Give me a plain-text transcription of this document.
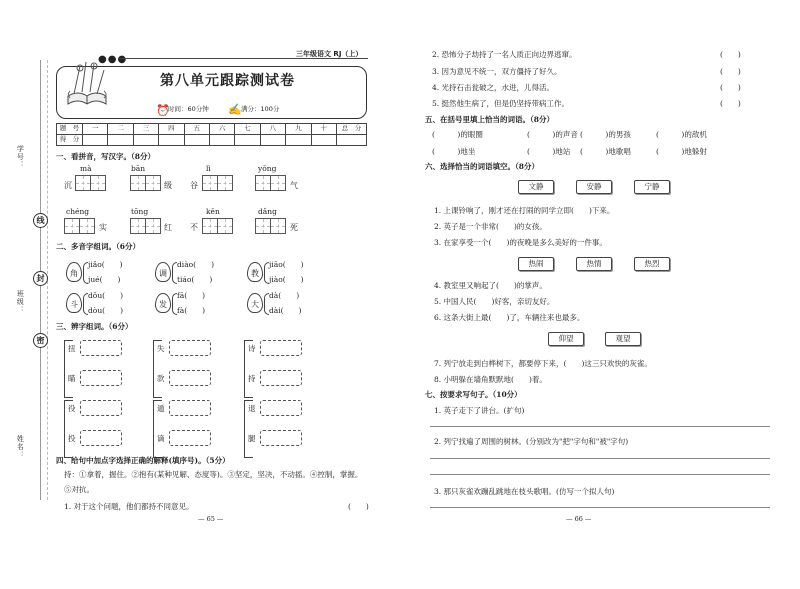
学号：
班级：
姓名：
线
封
密
●●●	三年级语文 RJ（上）
第八单元跟踪测试卷
⏰
时间：60分钟 ✍ 满分：100分
题　号	一	二	三	四	五	六	七	八	九	十	总　分
得　分											
一、看拼音，写汉字。（8分）
mà	bān	lì	yǒng
沉	级 谷	气
chéng	tōng	kěn	dǎng
实	红 不	死
二、多音字组词。（6分）
角
jiǎo(　　)
jué(　　)
调
diào(　　)
tiáo(　　)
教
jiāo(　　)
jiào(　　)
斗
dǒu(　　)
dòu(　　)
发
fā(　　)
fà(　　)
大
dà(　　)
dài(　　)
三、辨字组词。（6分）
扭
瞄
失
款
诗
持
役
投
遁
谪
退
腿
四、给句中加点字选择正确的解释(填序号)。（5分）
持：①拿着，握住。②抱有(某种见解、态度等)。③坚定，坚决，不动摇。④控制，掌握。
⑤对抗。
1. 对于这个问题，他们都持不同意见。	(　　)
— 65 —
2. 恐怖分子劫持了一名人质正向边界逃窜。	(　　)
3. 因为意见不统一，双方僵持了好久。	(　　)
4. 光持石击瓮破之，水进，儿得活。	(　　)
5. 挺然他生病了，但是仍坚持带病工作。	(　　)
五、在括号里填上恰当的词语。（8分）
(　　　)的眼圈	(　　　)的声音 (　　　)的男孩	(　　　)的敌机
(　　　)地坐	(　　　)地站 (　　　)地歌唱	(　　　)地躲射
六、选择恰当的词语填空。（8分）
文静	安静	宁静
1. 上课铃响了，刚才还在打闹的同学立即(　　)下来。
2. 英子是一个非常(　　)的女孩。
3. 在家享受一个(　　)的夜晚是多么美好的一件事。
热闹	热情	热烈
4. 教室里又响起了(　　)的掌声。
5. 中国人民(　　)好客，亲切友好。
6. 这条大街上最(　　)了，车辆往来也最多。
仰望	观望
7. 列宁放走到白桦树下，都要停下来，(　　)这三只欢快的灰雀。
8. 小明躲在墙角默默地(　　)着。
七、按要求写句子。（10分）
1. 英子走下了讲台。(扩句)
2. 列宁找遍了周围的树林。(分别改为"把"字句和"被"字句)
3. 那只灰雀欢蹦乱跳地在枝头歌唱。(仿写一个拟人句)
— 66 —
